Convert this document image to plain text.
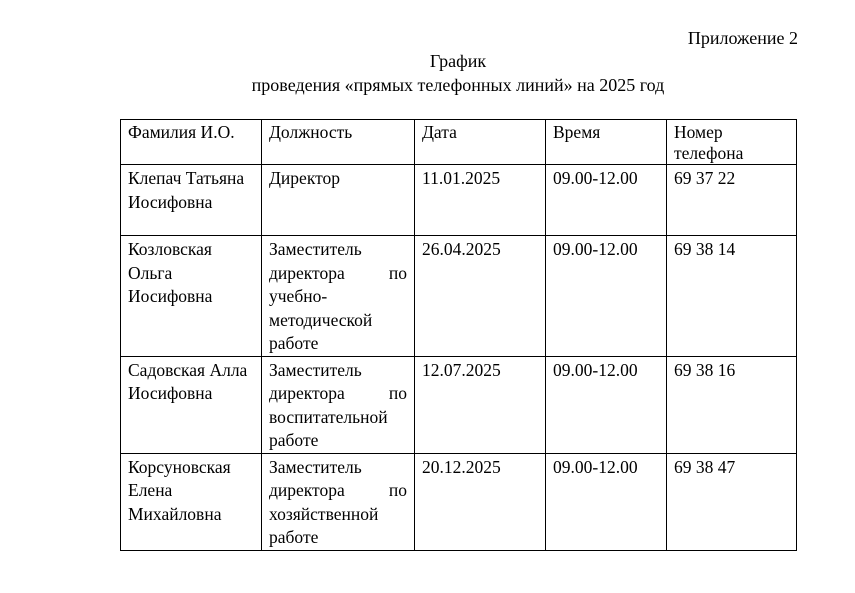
Приложение 2
График
проведения «прямых телефонных линий» на 2025 год
Фамилия И.О.	Должность	Дата	Время	Номер телефона
Клепач Татьяна Иосифовна	Директор	11.01.2025	09.00-12.00	69 37 22
Козловская Ольга Иосифовна	Заместитель директора по учебно-методической работе	26.04.2025	09.00-12.00	69 38 14
Садовская Алла Иосифовна	Заместитель директора по воспитательной работе	12.07.2025	09.00-12.00	69 38 16
Корсуновская Елена Михайловна	Заместитель директора по хозяйственной работе	20.12.2025	09.00-12.00	69 38 47
